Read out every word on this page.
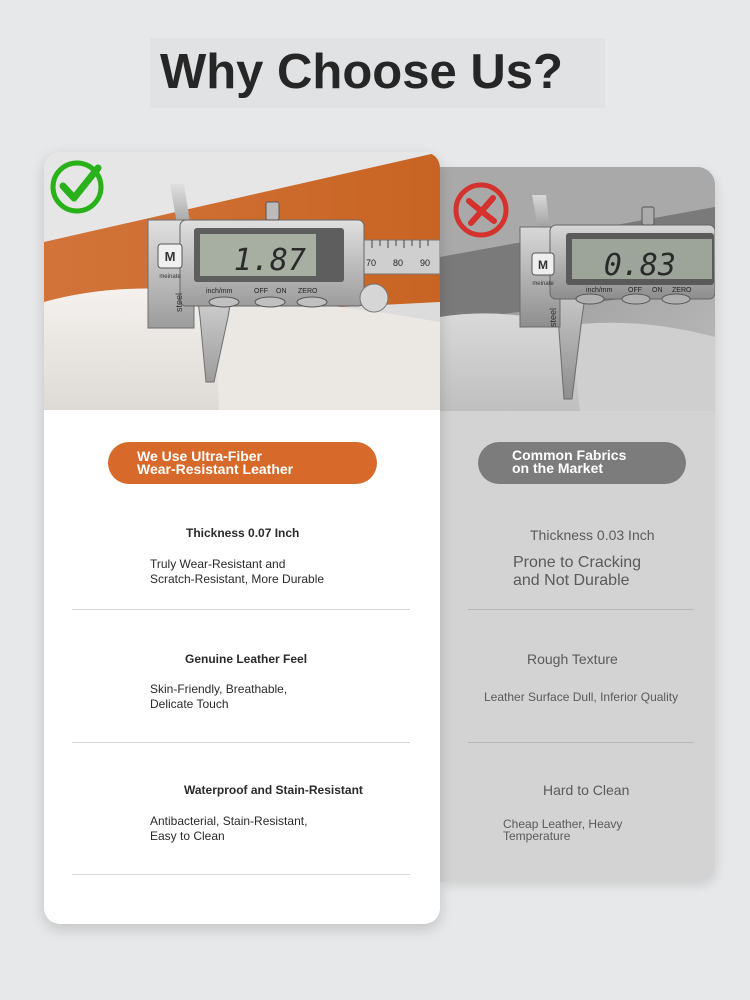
Why Choose Us?
0.83
inch/mm OFF ON ZERO
M
meinate
steel
Common Fabrics
on the Market
Thickness 0.03 Inch
Prone to Cracking
and Not Durable
Rough Texture
Leather Surface Dull, Inferior Quality
Hard to Clean
Cheap Leather, Heavy
Temperature
70 80 90
1.87
inch/mm	OFF ON ZERO
M
meinate
steel
We Use Ultra-Fiber
Wear-Resistant Leather
Thickness 0.07 Inch
Truly Wear-Resistant and
Scratch-Resistant, More Durable
Genuine Leather Feel
Skin-Friendly, Breathable,
Delicate Touch
Waterproof and Stain-Resistant
Antibacterial, Stain-Resistant,
Easy to Clean
